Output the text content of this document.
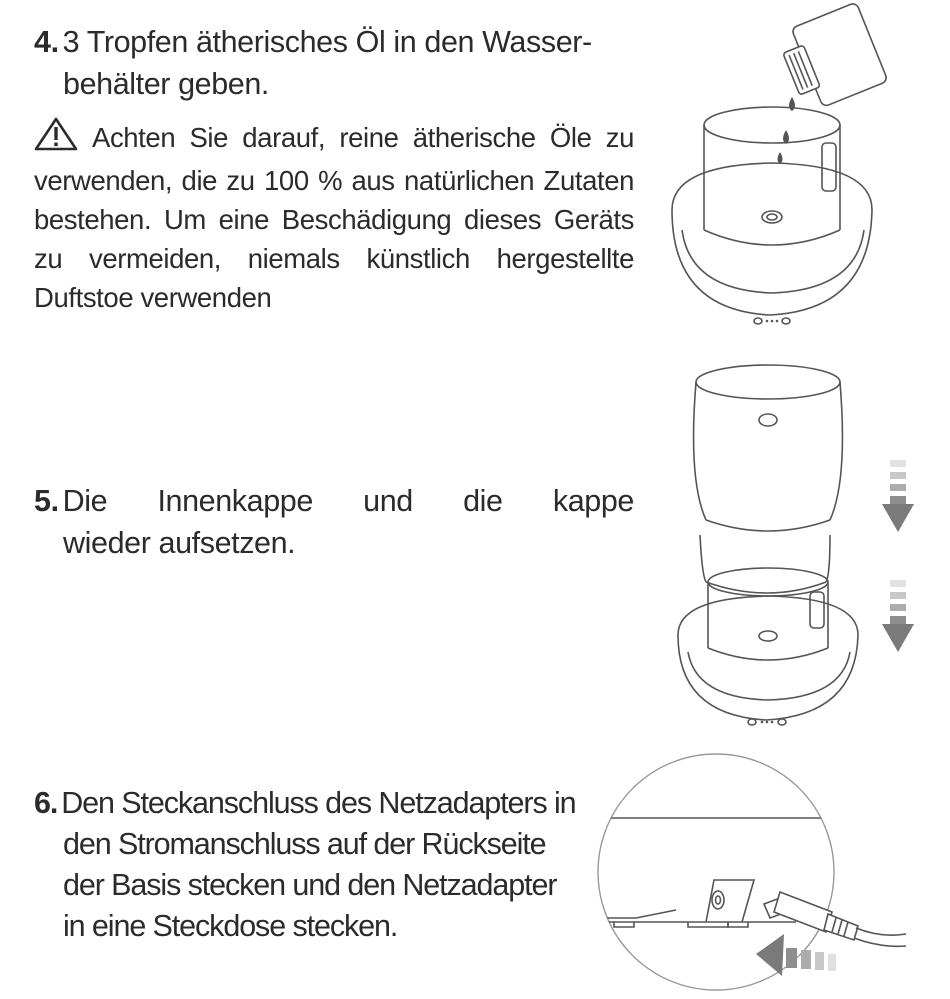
4. 3 Tropfen ätherisches Öl in den Wasser-
behälter geben.
Achten Sie darauf, reine ätherische Öle zu verwenden, die zu 100 % aus natürlichen Zutaten bestehen. Um eine Beschädigung dieses Geräts zu vermeiden, niemals künstlich hergestellte Duftstoe verwenden
5. Die Innenkappe und die kappe
wieder aufsetzen.
6. Den Steckanschluss des Netzadapters in
den Stromanschluss auf der Rückseite
der Basis stecken und den Netzadapter
in eine Steckdose stecken.
